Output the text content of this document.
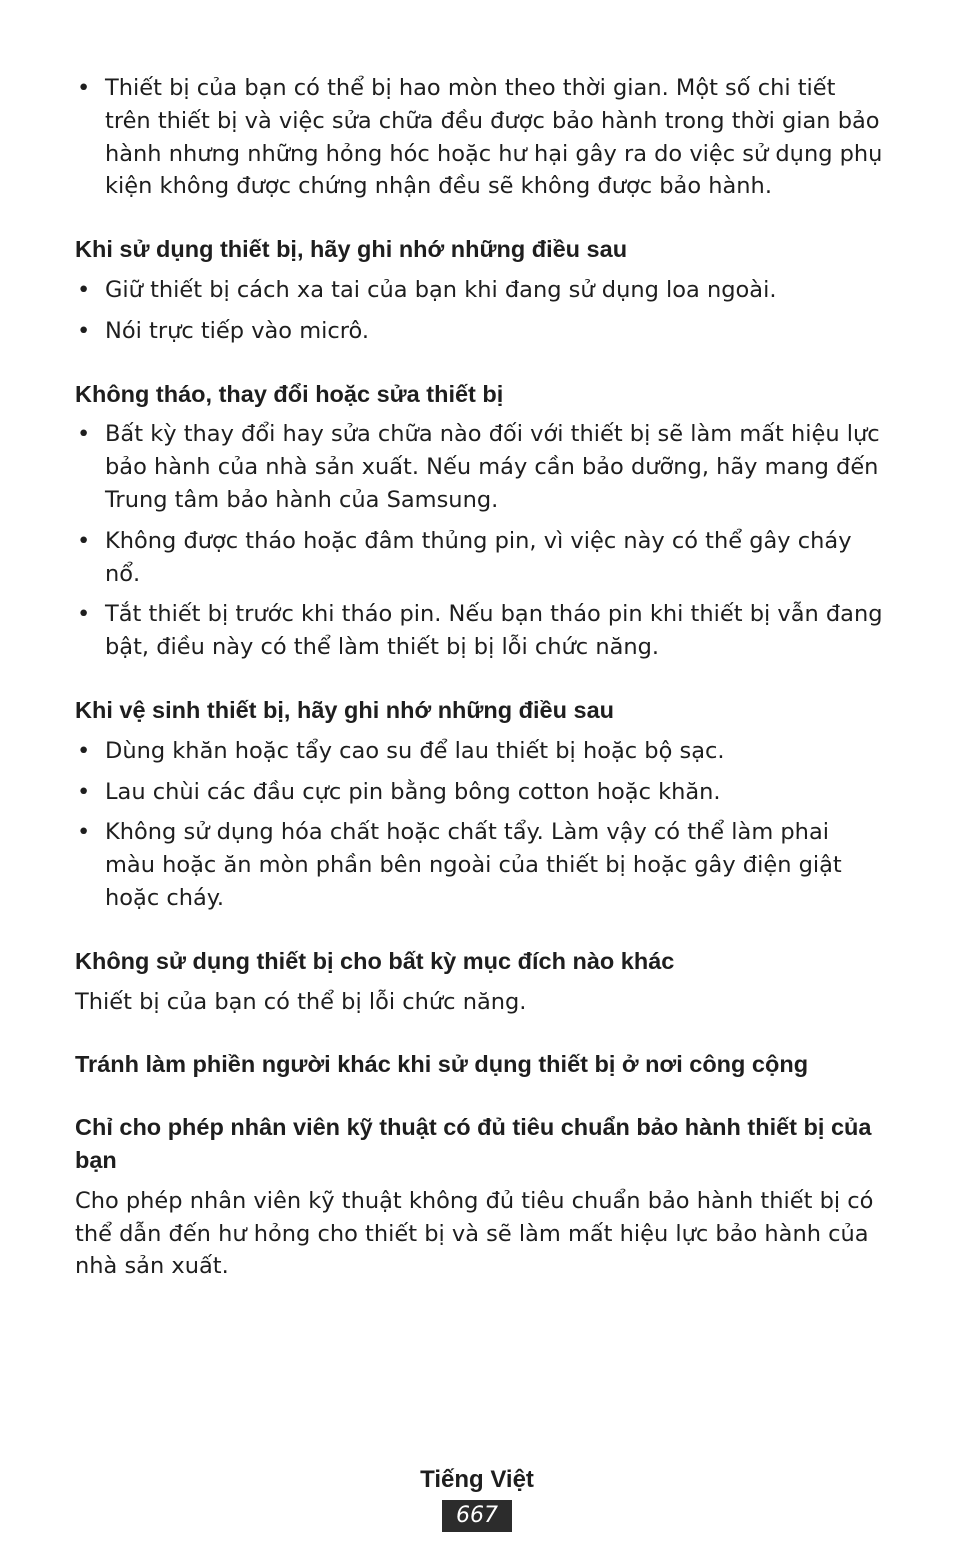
• Thiết bị của bạn có thể bị hao mòn theo thời gian. Một số chi tiết trên thiết bị và việc sửa chữa đều được bảo hành trong thời gian bảo hành nhưng những hỏng hóc hoặc hư hại gây ra do việc sử dụng phụ kiện không được chứng nhận đều sẽ không được bảo hành.
Khi sử dụng thiết bị, hãy ghi nhớ những điều sau
• Giữ thiết bị cách xa tai của bạn khi đang sử dụng loa ngoài.
• Nói trực tiếp vào micrô.
Không tháo, thay đổi hoặc sửa thiết bị
• Bất kỳ thay đổi hay sửa chữa nào đối với thiết bị sẽ làm mất hiệu lực bảo hành của nhà sản xuất. Nếu máy cần bảo dưỡng, hãy mang đến Trung tâm bảo hành của Samsung.
• Không được tháo hoặc đâm thủng pin, vì việc này có thể gây cháy nổ.
• Tắt thiết bị trước khi tháo pin. Nếu bạn tháo pin khi thiết bị vẫn đang bật, điều này có thể làm thiết bị bị lỗi chức năng.
Khi vệ sinh thiết bị, hãy ghi nhớ những điều sau
• Dùng khăn hoặc tẩy cao su để lau thiết bị hoặc bộ sạc.
• Lau chùi các đầu cực pin bằng bông cotton hoặc khăn.
• Không sử dụng hóa chất hoặc chất tẩy. Làm vậy có thể làm phai màu hoặc ăn mòn phần bên ngoài của thiết bị hoặc gây điện giật hoặc cháy.
Không sử dụng thiết bị cho bất kỳ mục đích nào khác

Thiết bị của bạn có thể bị lỗi chức năng.

Tránh làm phiền người khác khi sử dụng thiết bị ở nơi công cộng
Chỉ cho phép nhân viên kỹ thuật có đủ tiêu chuẩn bảo hành thiết bị của bạn

Cho phép nhân viên kỹ thuật không đủ tiêu chuẩn bảo hành thiết bị có thể dẫn đến hư hỏng cho thiết bị và sẽ làm mất hiệu lực bảo hành của nhà sản xuất.

Tiếng Việt
667
